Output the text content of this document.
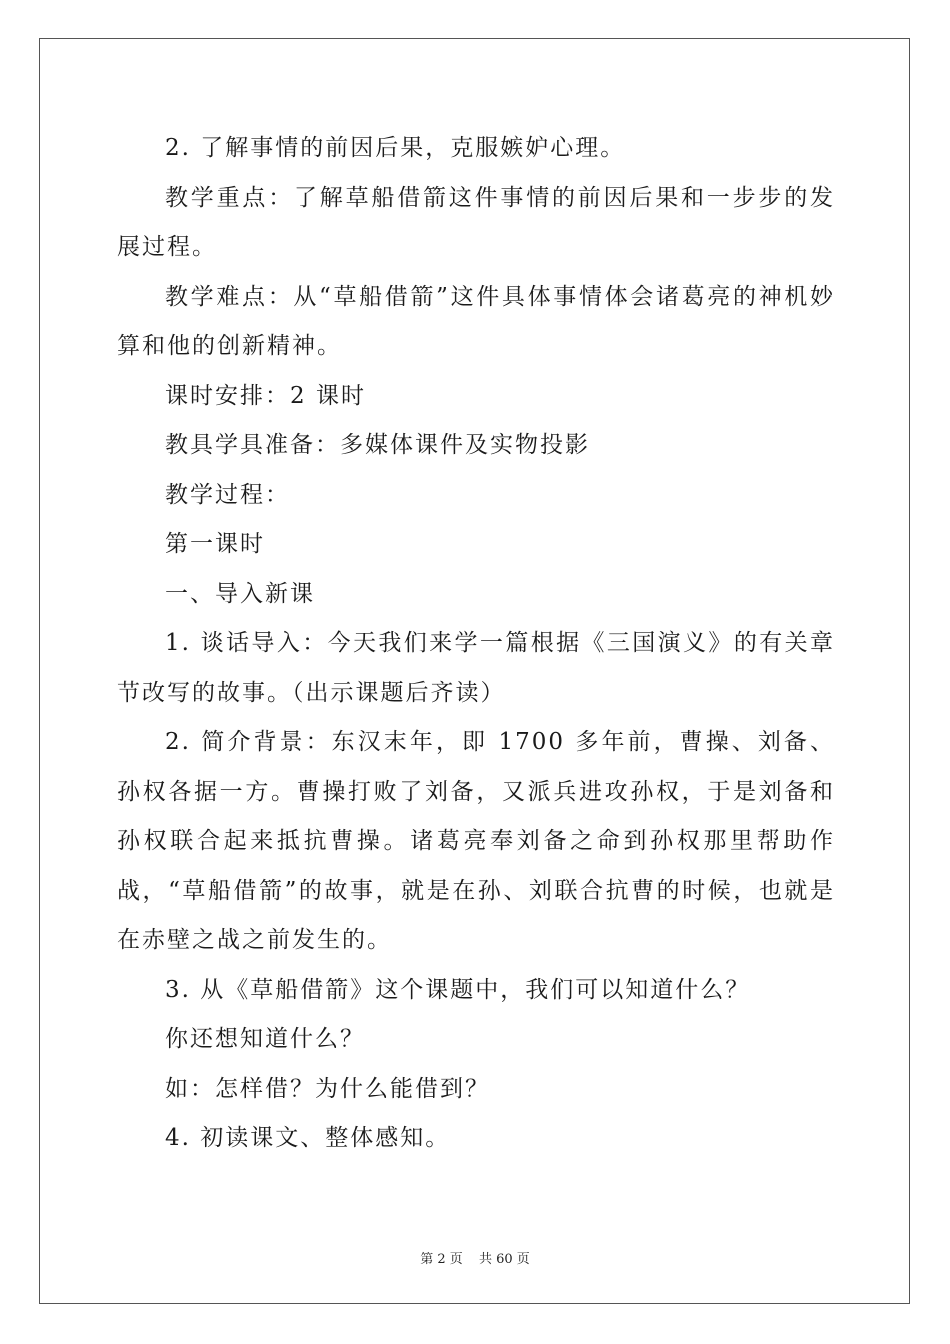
2. 了解事情的前因后果，克服嫉妒心理。

教学重点：了解草船借箭这件事情的前因后果和一步步的发展过程。

教学难点：从“草船借箭”这件具体事情体会诸葛亮的神机妙算和他的创新精神。

课时安排：2 课时

教具学具准备：多媒体课件及实物投影

教学过程：

第一课时

一、导入新课

1. 谈话导入：今天我们来学一篇根据《三国演义》的有关章节改写的故事。（出示课题后齐读）

2. 简介背景：东汉末年，即 1700 多年前，曹操、刘备、孙权各据一方。曹操打败了刘备，又派兵进攻孙权，于是刘备和孙权联合起来抵抗曹操。诸葛亮奉刘备之命到孙权那里帮助作战，“草船借箭”的故事，就是在孙、刘联合抗曹的时候，也就是在赤壁之战之前发生的。

3. 从《草船借箭》这个课题中，我们可以知道什么？

你还想知道什么？

如：怎样借？为什么能借到？

4. 初读课文、整体感知。

第 2 页 共 60 页
